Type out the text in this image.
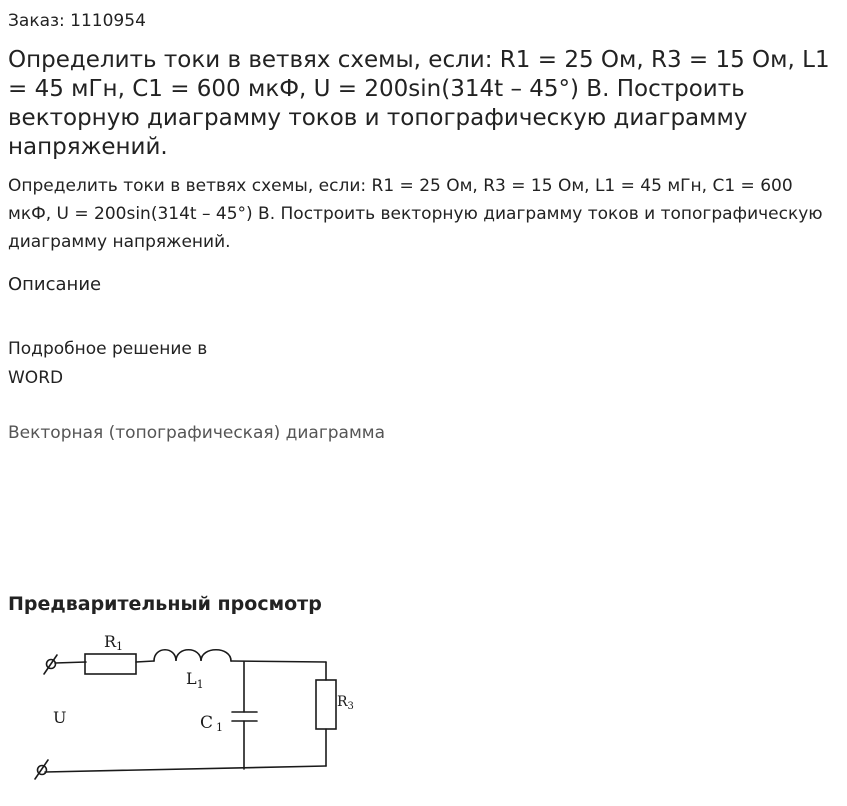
Заказ: 1110954

Определить токи в ветвях схемы, если: R1 = 25 Ом, R3 = 15 Ом, L1 = 45 мГн, С1 = 600 мкФ, U = 200sin(314t – 45°) В. Построить векторную диаграмму токов и топографическую диаграмму напряжений.

Определить токи в ветвях схемы, если: R1 = 25 Ом, R3 = 15 Ом, L1 = 45 мГн, С1 = 600 мкФ, U = 200sin(314t – 45°) В. Построить векторную диаграмму токов и топографическую диаграмму напряжений.

Описание

Подробное решение в WORD

Векторная (топографическая) диаграмма

Предварительный просмотр
R1
$L_1$
C 1
$R_3$
U
